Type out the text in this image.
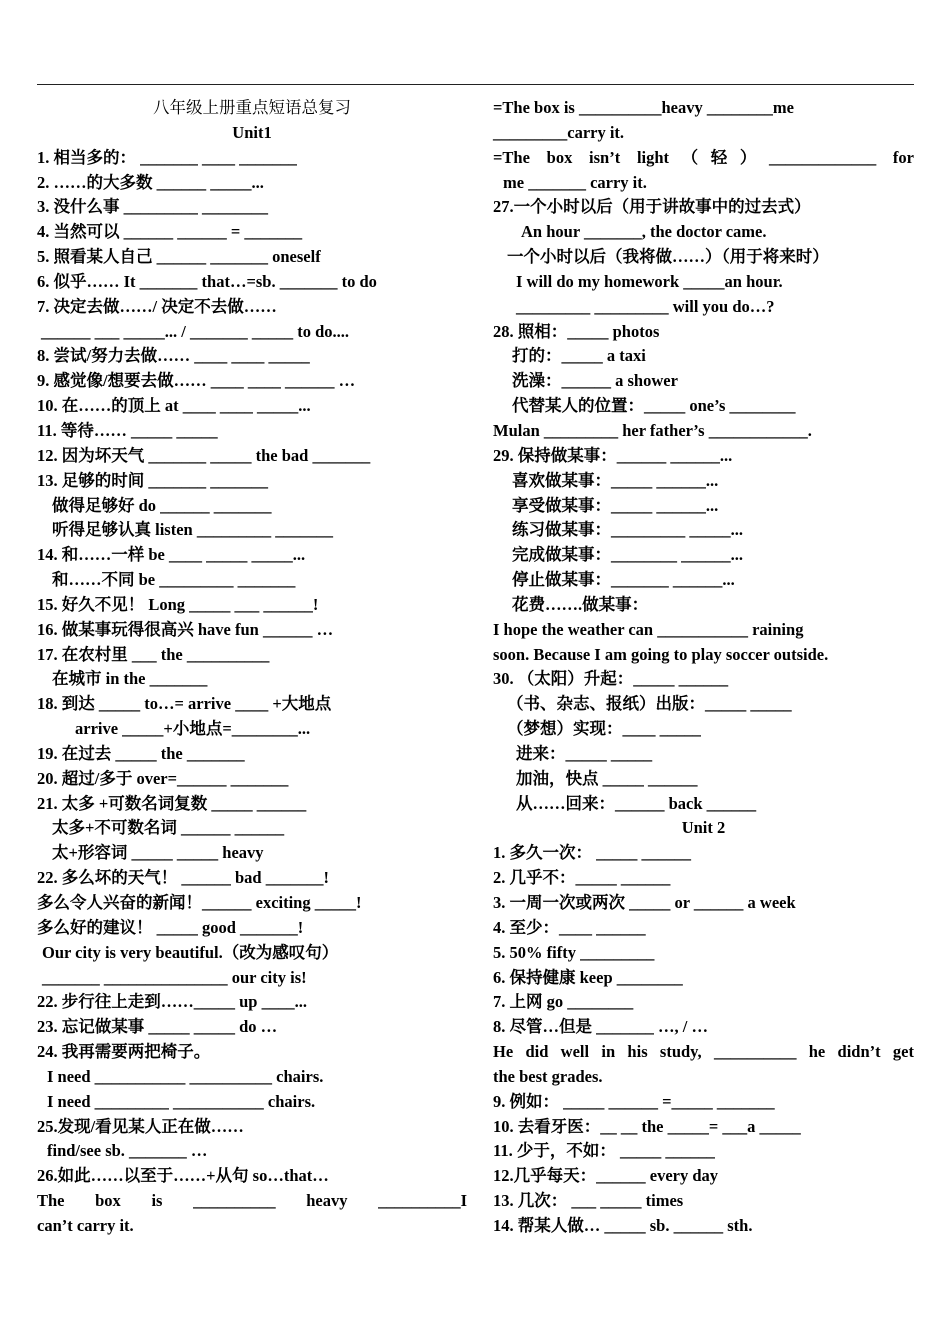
八年级上册重点短语总复习
Unit1
1. 相当多的： _______ ____ _______
2. ……的大多数 ______ _____...
3. 没什么事 _________ ________
4. 当然可以 ______ ______ = _______
5. 照看某人自己 ______ _______ oneself
6. 似乎…… It _______ that…=sb. _______ to do
7. 决定去做……/ 决定不去做……
______ ___ _____... / _______ _____ to do....
8. 尝试/努力去做…… ____ ____ _____
9. 感觉像/想要去做…… ____ ____ ______ …
10. 在……的顶上 at ____ ____ _____...
11. 等待…… _____ _____
12. 因为坏天气 _______ _____ the bad _______
13. 足够的时间 _______ _______
做得足够好 do ______ _______
听得足够认真 listen _________ _______
14. 和……一样 be ____ _____ _____...
和……不同 be _________ _______
15. 好久不见！ Long _____ ___ ______!
16. 做某事玩得很高兴 have fun ______ …
17. 在农村里 ___ the __________
在城市 in the _______
18. 到达 _____ to…= arrive ____ +大地点
arrive _____+小地点=________...
19. 在过去 _____ the _______
20. 超过/多于 over=______ _______
21. 太多 +可数名词复数 _____ ______
太多+不可数名词 ______ ______
太+形容词 _____ _____ heavy
22. 多么坏的天气！ ______ bad _______!
多么令人兴奋的新闻！______ exciting _____!
多么好的建议！ _____ good _______!
Our city is very beautiful.（改为感叹句）
_______ _______________ our city is!
22. 步行往上走到……_____ up ____...
23. 忘记做某事 _____ _____ do …
24. 我再需要两把椅子。
I need ___________ __________ chairs.
I need _________ ___________ chairs.
25.发现/看见某人正在做……
find/see sb. _______ …
26.如此……以至于……+从句 so…that…
The box is __________ heavy __________I
can’t carry it.
=The box is __________heavy ________me
_________carry it.
=The box isn’t light（轻）_____________ for
me _______ carry it.
27.一个小时以后（用于讲故事中的过去式）
An hour _______, the doctor came.
一个小时以后（我将做……）（用于将来时）
I will do my homework _____an hour.
_________ _________ will you do…?
28. 照相：_____ photos
打的：_____ a taxi
洗澡：______ a shower
代替某人的位置：_____ one’s ________
Mulan _________ her father’s ____________.
29. 保持做某事：______ ______...
喜欢做某事：_____ ______...
享受做某事：_____ ______...
练习做某事：_________ _____...
完成做某事：________ ______...
停止做某事：_______ ______...
花费…….做某事：
I hope the weather can ___________ raining
soon. Because I am going to play soccer outside.
30. （太阳）升起：_____ ______
（书、杂志、报纸）出版：_____ _____
（梦想）实现：____ _____
进来：_____ _____
加油，快点 _____ ______
从……回来：______ back ______
Unit 2
1. 多久一次： _____ ______
2. 几乎不：_____ ______
3. 一周一次或两次 _____ or ______ a week
4. 至少：____ ______
5. 50% fifty _________
6. 保持健康 keep ________
7. 上网 go ________
8. 尽管…但是 _______ …, / …
He did well in his study, __________ he didn’t get
the best grades.
9. 例如： _____ ______ =_____ _______
10. 去看牙医：__ __ the _____= ___a _____
11. 少于，不如： _____ ______
12.几乎每天：______ every day
13. 几次： ___ _____ times
14. 帮某人做… _____ sb. ______ sth.
